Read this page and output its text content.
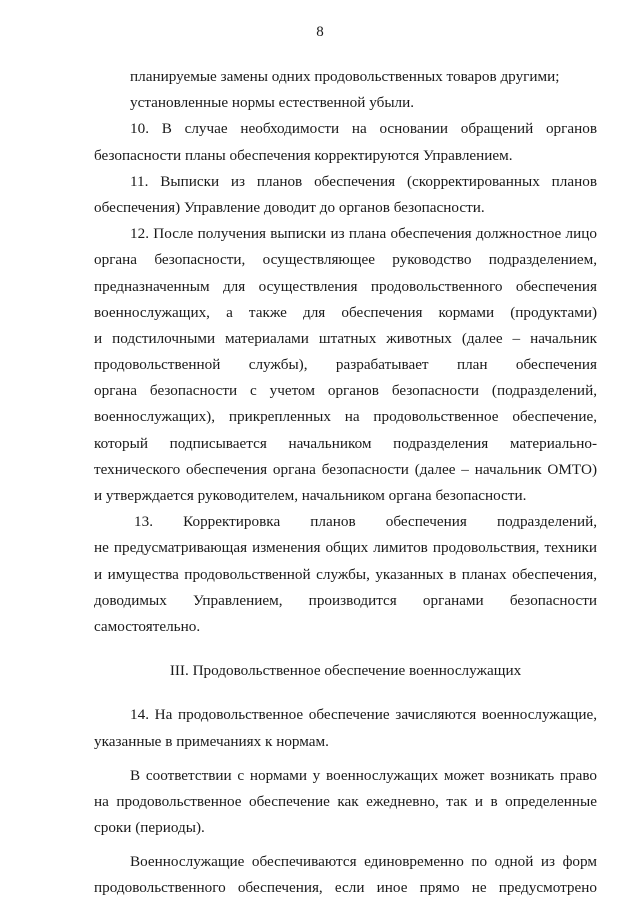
8
планируемые замены одних продовольственных товаров другими;
установленные нормы естественной убыли.
10. В случае необходимости на основании обращений органов
безопасности планы обеспечения корректируются Управлением.
11. Выписки из планов обеспечения (скорректированных планов
обеспечения) Управление доводит до органов безопасности.
12. После получения выписки из плана обеспечения должностное лицо
органа безопасности, осуществляющее руководство подразделением,
предназначенным для осуществления продовольственного обеспечения
военнослужащих, а также для обеспечения кормами (продуктами)
и подстилочными материалами штатных животных (далее – начальник
продовольственной службы), разрабатывает план обеспечения
органа безопасности с учетом органов безопасности (подразделений,
военнослужащих), прикрепленных на продовольственное обеспечение,
который подписывается начальником подразделения материально-
технического обеспечения органа безопасности (далее – начальник ОМТО)
и утверждается руководителем, начальником органа безопасности.
13. Корректировка планов обеспечения подразделений,
не предусматривающая изменения общих лимитов продовольствия, техники
и имущества продовольственной службы, указанных в планах обеспечения,
доводимых Управлением, производится органами безопасности
самостоятельно.
III. Продовольственное обеспечение военнослужащих
14. На продовольственное обеспечение зачисляются военнослужащие,
указанные в примечаниях к нормам.
В соответствии с нормами у военнослужащих может возникать право
на продовольственное обеспечение как ежедневно, так и в определенные
сроки (периоды).
Военнослужащие обеспечиваются единовременно по одной из форм
продовольственного обеспечения, если иное прямо не предусмотрено
